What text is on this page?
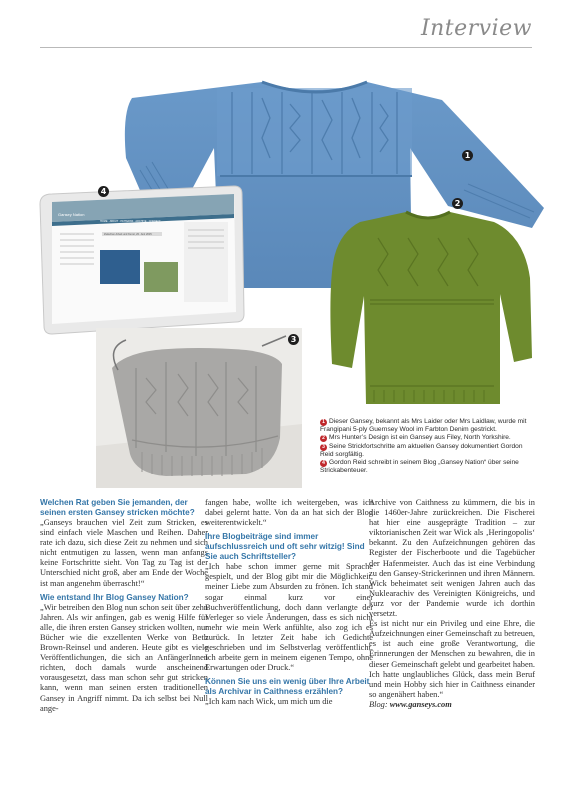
Interview
1
2
Gansey Nation
HOME · ABOUT · PATTERNS · ARCHIVE · CONTACT
Zwischen Arbeit und Kunst, 20. Juni 2015
4
3
1 Dieser Gansey, bekannt als Mrs Laider oder Mrs Laidlaw, wurde mit Frangipani 5-ply Guernsey Wool im Farbton Denim gestrickt.
2 Mrs Hunter’s Design ist ein Gansey aus Filey, North Yorkshire.
3 Seine Strickfortschritte am aktuellen Gansey dokumentiert Gordon Reid sorgfältig.
4 Gordon Reid schreibt in seinem Blog „Gansey Nation“ über seine Strickabenteuer.

Welchen Rat geben Sie jemanden, der seinen ersten Gansey stricken möchte?

„Ganseys brauchen viel Zeit zum Stricken, es sind einfach viele Maschen und Reihen. Daher rate ich dazu, sich diese Zeit zu nehmen und sich nicht entmutigen zu lassen, wenn man anfangs keine Fortschritte sieht. Von Tag zu Tag ist der Unterschied nicht groß, aber am Ende der Woche ist man angenehm überrascht!“

Wie entstand Ihr Blog Gansey Nation?

„Wir betreiben den Blog nun schon seit über zehn Jahren. Als wir anfingen, gab es wenig Hilfe für alle, die ihren ersten Gansey stricken wollten, nur Bücher wie die exzellenten Werke von Beth Brown-Reinsel und anderen. Heute gibt es viele Veröffentlichungen, die sich an AnfängerInnen richten, doch damals wurde anscheinend vorausgesetzt, dass man schon sehr gut stricken kann, wenn man seinen ersten traditionellen Gansey in Angriff nimmt. Da ich selbst bei Null ange-

fangen habe, wollte ich weitergeben, was ich dabei gelernt hatte. Von da an hat sich der Blog weiterentwickelt.“

Ihre Blogbeiträge sind immer aufschlussreich und oft sehr witzig! Sind Sie auch Schriftsteller?

„Ich habe schon immer gerne mit Sprache gespielt, und der Blog gibt mir die Möglichkeit, meiner Liebe zum Absurden zu frönen. Ich stand sogar einmal kurz vor einer Buchveröffentlichung, doch dann verlangte der Verleger so viele Änderungen, dass es sich nicht mehr wie mein Werk anfühlte, also zog ich es zurück. In letzter Zeit habe ich Gedichte geschrieben und im Selbstverlag veröffentlicht. Ich arbeite gern in meinem eigenen Tempo, ohne Erwartungen oder Druck.“

Können Sie uns ein wenig über Ihre Arbeit als Archivar in Caithness erzählen?

„Ich kam nach Wick, um mich um die

Archive von Caithness zu kümmern, die bis in die 1460er-Jahre zurückreichen. Die Fischerei hat hier eine ausgeprägte Tradition – zur viktorianischen Zeit war Wick als ‚Heringopolis‘ bekannt. Zu den Aufzeichnungen gehören das Register der Fischerboote und die Tagebücher der Hafenmeister. Auch das ist eine Verbindung zu den Gansey-Strickerinnen und ihren Männern. Wick beheimatet seit wenigen Jahren auch das Nuklearachiv des Vereinigten Königreichs, und kurz vor der Pandemie wurde ich dorthin versetzt.

Es ist nicht nur ein Privileg und eine Ehre, die Aufzeichnungen einer Gemeinschaft zu betreuen, es ist auch eine große Verantwortung, die Erinnerungen der Menschen zu bewahren, die in dieser Gemeinschaft gelebt und gearbeitet haben. Ich hatte unglaubliches Glück, dass mein Beruf und mein Hobby sich hier in Caithness einander so angenähert haben.“

Blog: www.ganseys.com
